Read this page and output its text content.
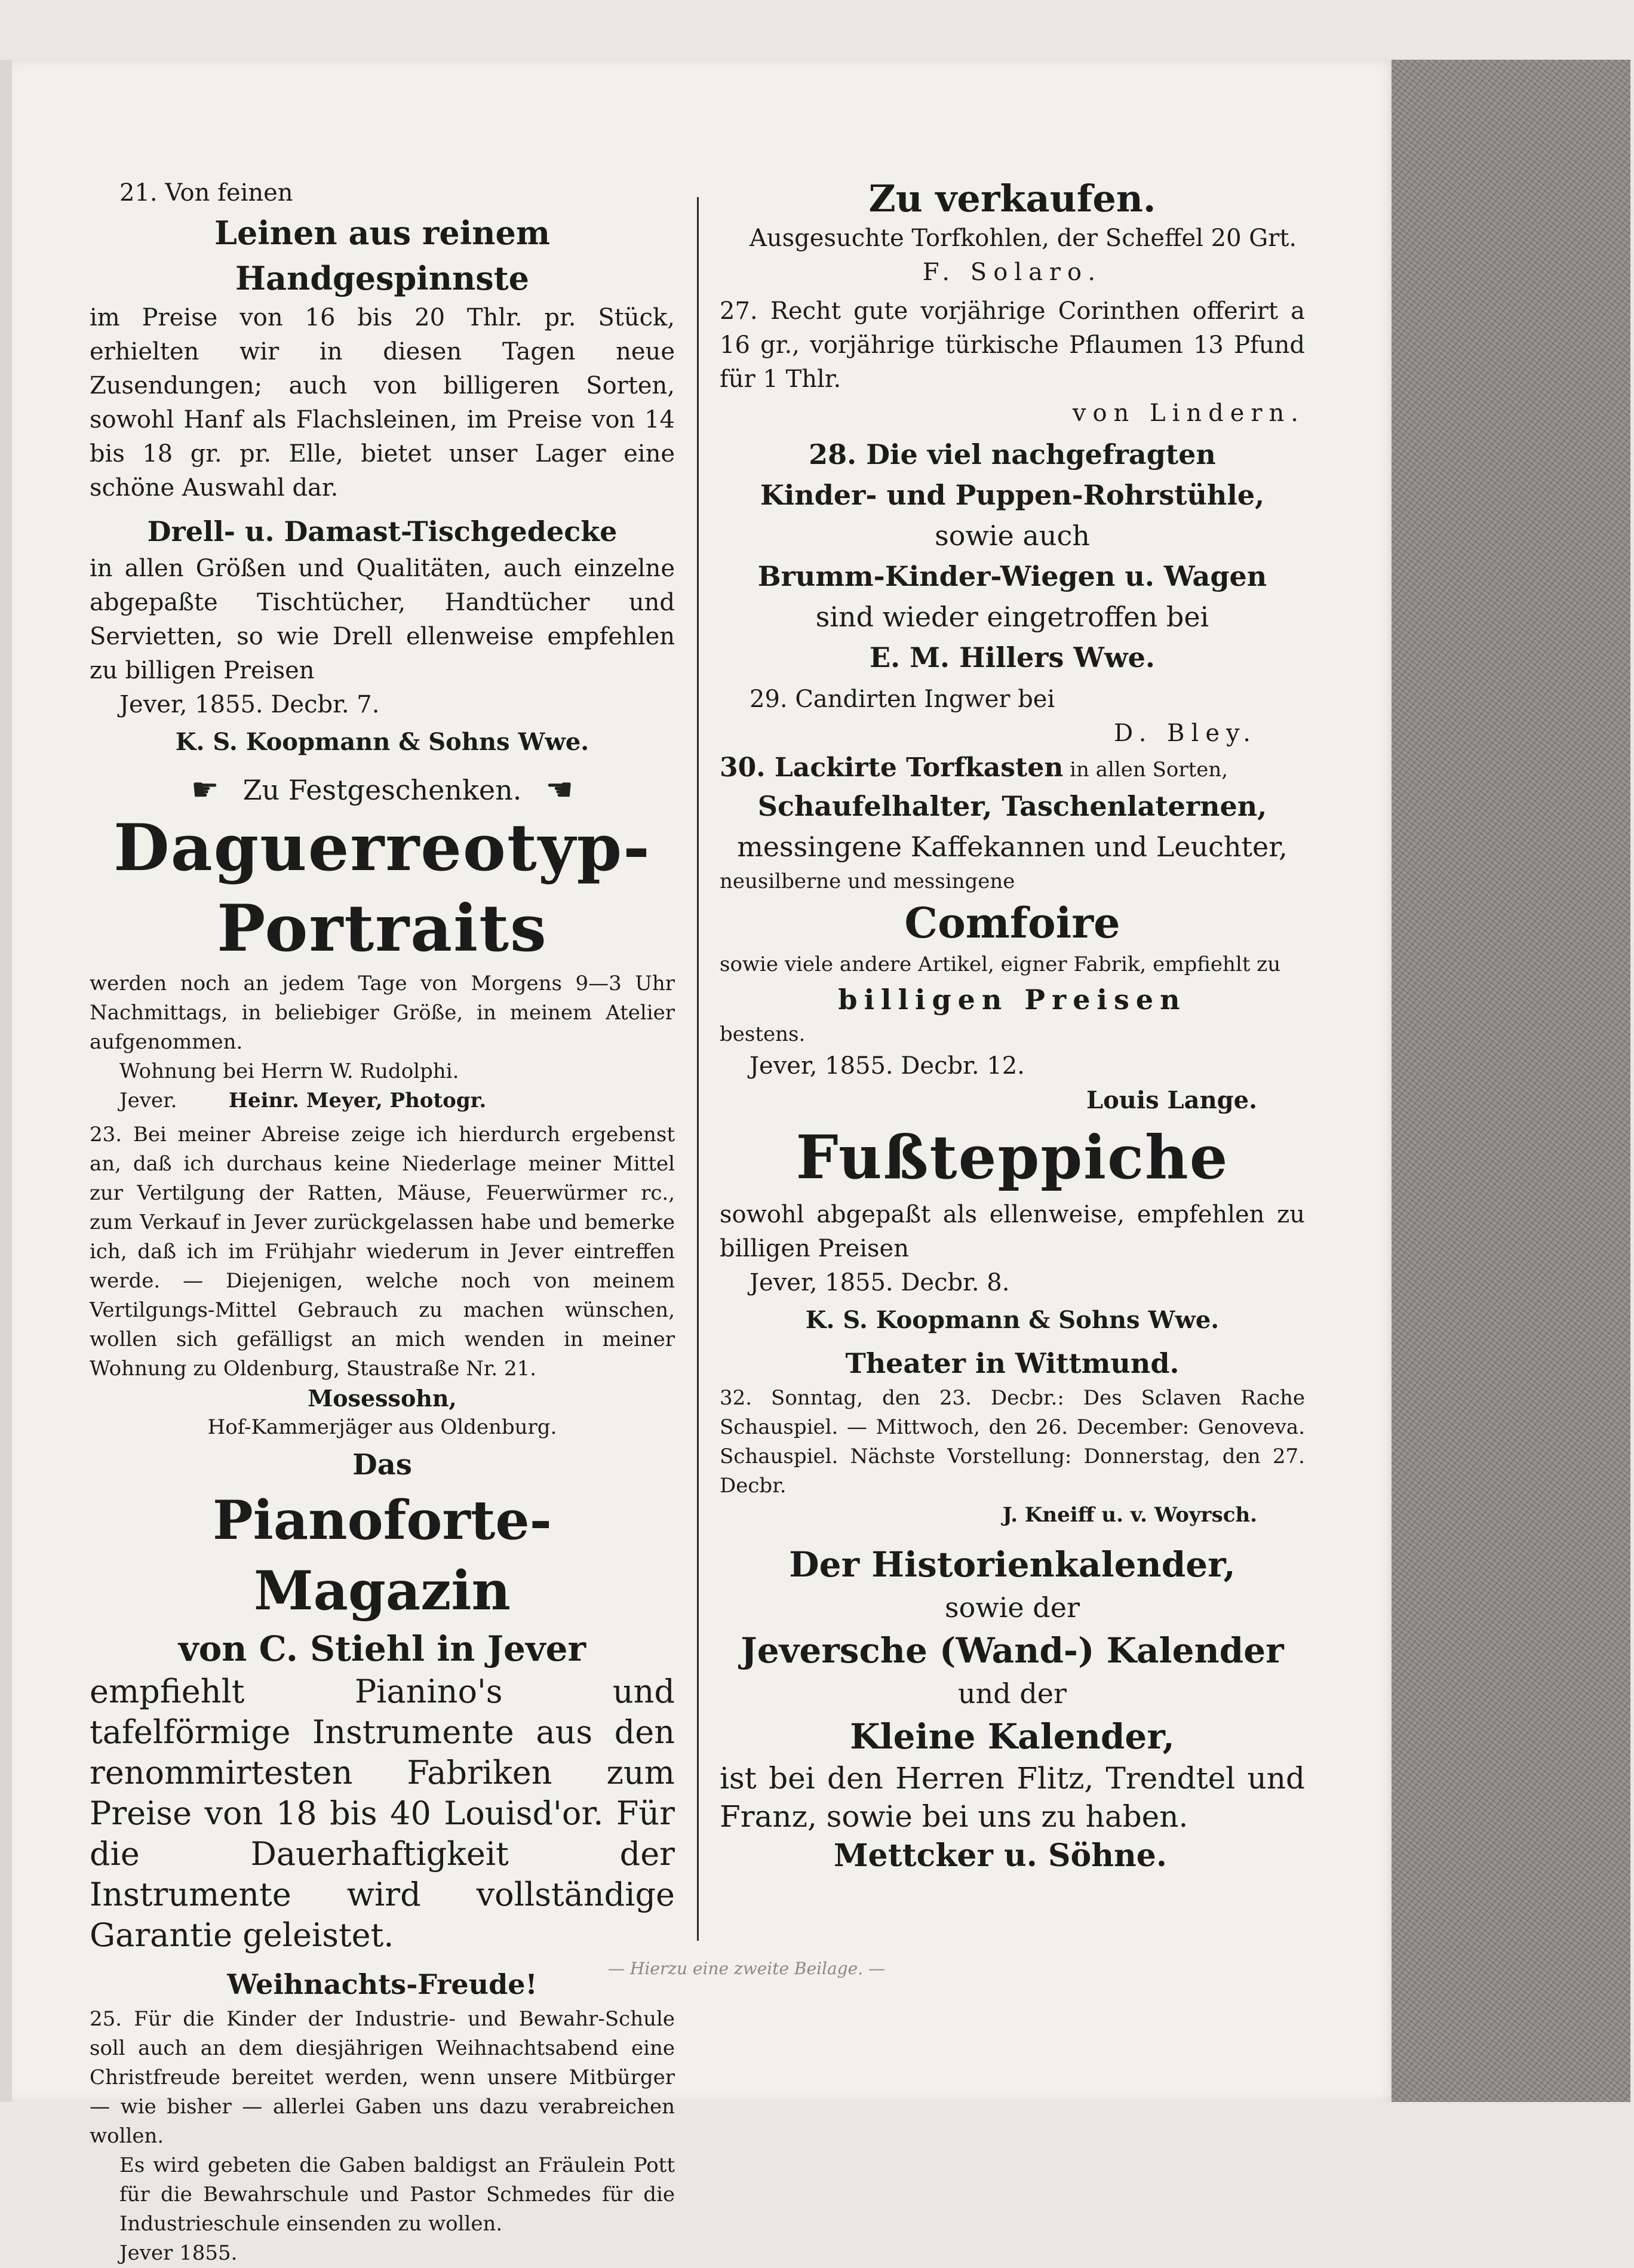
21. Von feinen

Leinen aus reinem Handgespinnste

im Preise von 16 bis 20 Thlr. pr. Stück, erhielten wir in diesen Tagen neue Zusendungen; auch von billigeren Sorten, sowohl Hanf als Flachsleinen, im Preise von 14 bis 18 gr. pr. Elle, bietet unser Lager eine schöne Auswahl dar.

Drell- u. Damast-Tischgedecke

in allen Größen und Qualitäten, auch einzelne abgepaßte Tischtücher, Handtücher und Servietten, so wie Drell ellenweise empfehlen zu billigen Preisen

Jever, 1855. Decbr. 7.

K. S. Koopmann & Sohns Wwe.

☛ Zu Festgeschenken. ☚

Daguerreotyp-

Portraits

werden noch an jedem Tage von Morgens 9—3 Uhr Nachmittags, in beliebiger Größe, in meinem Atelier aufgenommen.

Wohnung bei Herrn W. Rudolphi.

Jever.	Heinr. Meyer, Photogr.

23. Bei meiner Abreise zeige ich hierdurch ergebenst an, daß ich durchaus keine Niederlage meiner Mittel zur Vertilgung der Ratten, Mäuse, Feuerwürmer rc., zum Verkauf in Jever zurückgelassen habe und bemerke ich, daß ich im Frühjahr wiederum in Jever eintreffen werde. — Diejenigen, welche noch von meinem Vertilgungs-Mittel Gebrauch zu machen wünschen, wollen sich gefälligst an mich wenden in meiner Wohnung zu Oldenburg, Staustraße Nr. 21.

Mosessohn,

Hof-Kammerjäger aus Oldenburg.

Das

Pianoforte-Magazin

von C. Stiehl in Jever

empfiehlt Pianino's und tafelförmige Instrumente aus den renommirtesten Fabriken zum Preise von 18 bis 40 Louisd'or. Für die Dauerhaftigkeit der Instrumente wird vollständige Garantie geleistet.

Weihnachts-Freude!

25. Für die Kinder der Industrie- und Bewahr-Schule soll auch an dem diesjährigen Weihnachtsabend eine Christfreude bereitet werden, wenn unsere Mitbürger — wie bisher — allerlei Gaben uns dazu verabreichen wollen.

Es wird gebeten die Gaben baldigst an Fräulein Pott für die Bewahrschule und Pastor Schmedes für die Industrieschule einsenden zu wollen.

Jever 1855.

Zu verkaufen.

Ausgesuchte Torfkohlen, der Scheffel 20 Grt.

F. Solaro.

27. Recht gute vorjährige Corinthen offerirt a 16 gr., vorjährige türkische Pflaumen 13 Pfund für 1 Thlr.

von Lindern.

28. Die viel nachgefragten

Kinder- und Puppen-Rohrstühle,

sowie auch

Brumm-Kinder-Wiegen u. Wagen

sind wieder eingetroffen bei

E. M. Hillers Wwe.

29. Candirten Ingwer bei

D. Bley.

30. Lackirte Torfkasten in allen Sorten,

Schaufelhalter, Taschenlaternen,

messingene Kaffekannen und Leuchter,

neusilberne und messingene

Comfoire

sowie viele andere Artikel, eigner Fabrik, empfiehlt zu

billigen Preisen

bestens.

Jever, 1855. Decbr. 12.

Louis Lange.

Fußteppiche

sowohl abgepaßt als ellenweise, empfehlen zu billigen Preisen

Jever, 1855. Decbr. 8.

K. S. Koopmann & Sohns Wwe.

Theater in Wittmund.

32. Sonntag, den 23. Decbr.: Des Sclaven Rache Schauspiel. — Mittwoch, den 26. December: Genoveva. Schauspiel. Nächste Vorstellung: Donnerstag, den 27. Decbr.

J. Kneiff u. v. Woyrsch.

Der Historienkalender,

sowie der

Jeversche (Wand-) Kalender

und der

Kleine Kalender,

ist bei den Herren Flitz, Trendtel und Franz, sowie bei uns zu haben.

Mettcker u. Söhne.

— Hierzu eine zweite Beilage. —
